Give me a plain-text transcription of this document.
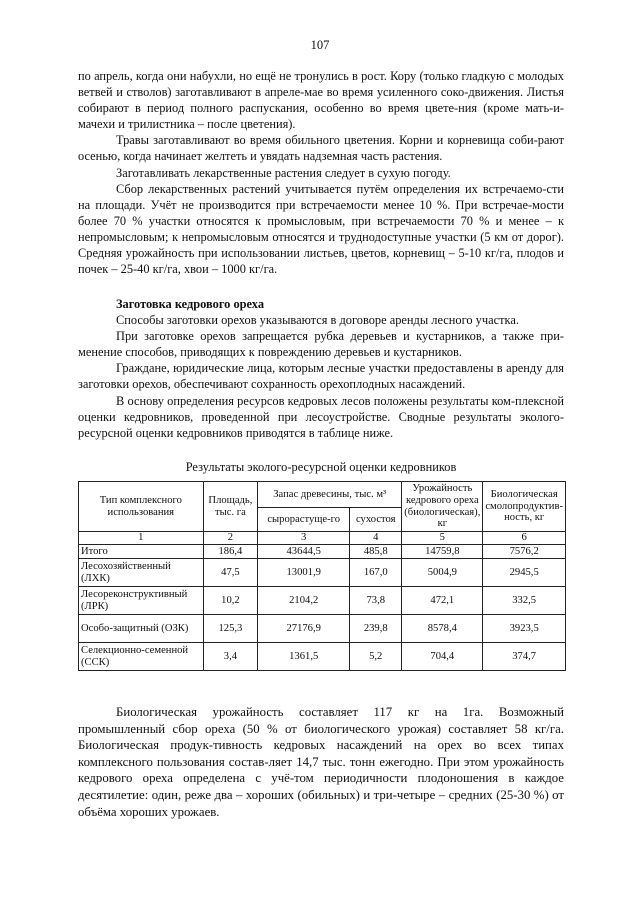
107

по апрель, когда они набухли, но ещё не тронулись в рост. Кору (только гладкую с молодых ветвей и стволов) заготавливают в апреле-мае во время усиленного соко-движения. Листья собирают в период полного распускания, особенно во время цвете-ния (кроме мать-и-мачехи и трилистника – после цветения).

Травы заготавливают во время обильного цветения. Корни и корневища соби-рают осенью, когда начинает желтеть и увядать надземная часть растения.

Заготавливать лекарственные растения следует в сухую погоду.

Сбор лекарственных растений учитывается путём определения их встречаемо-сти на площади. Учёт не производится при встречаемости менее 10 %. При встречае-мости более 70 % участки относятся к промысловым, при встречаемости 70 % и менее – к непромысловым; к непромысловым относятся и труднодоступные участки (5 км от дорог). Средняя урожайность при использовании листьев, цветов, корневищ – 5-10 кг/га, плодов и почек – 25-40 кг/га, хвои – 1000 кг/га.

Заготовка кедрового ореха

Способы заготовки орехов указываются в договоре аренды лесного участка.

При заготовке орехов запрещается рубка деревьев и кустарников, а также при-менение способов, приводящих к повреждению деревьев и кустарников.

Граждане, юридические лица, которым лесные участки предоставлены в аренду для заготовки орехов, обеспечивают сохранность орехоплодных насаждений.

В основу определения ресурсов кедровых лесов положены результаты ком-плексной оценки кедровников, проведенной при лесоустройстве. Сводные результаты эколого-ресурсной оценки кедровников приводятся в таблице ниже.

Результаты эколого-ресурсной оценки кедровников
Тип комплексного использования	Площадь, тыс. га	Запас древесины, тыс. м³		Урожайность кедрового ореха (биологическая), кг	Биологическая смолопродуктив-ность, кг
		сырорастуще-го	сухостоя		
1	2	3	4	5	6
Итого	186,4	43644,5	485,8	14759,8	7576,2
Лесохозяйственный (ЛХК)	47,5	13001,9	167,0	5004,9	2945,5
Лесореконструктивный (ЛРК)	10,2	2104,2	73,8	472,1	332,5
Особо-защитный (ОЗК)	125,3	27176,9	239,8	8578,4	3923,5
Селекционно-семенной (ССК)	3,4	1361,5	5,2	704,4	374,7

Биологическая урожайность составляет 117 кг на 1га. Возможный промышленный сбор ореха (50 % от биологического урожая) составляет 58 кг/га. Биологическая продук-тивность кедровых насаждений на орех во всех типах комплексного пользования состав-ляет 14,7 тыс. тонн ежегодно. При этом урожайность кедрового ореха определена с учё-том периодичности плодоношения в каждое десятилетие: один, реже два – хороших (обильных) и три-четыре – средних (25-30 %) от объёма хороших урожаев.
